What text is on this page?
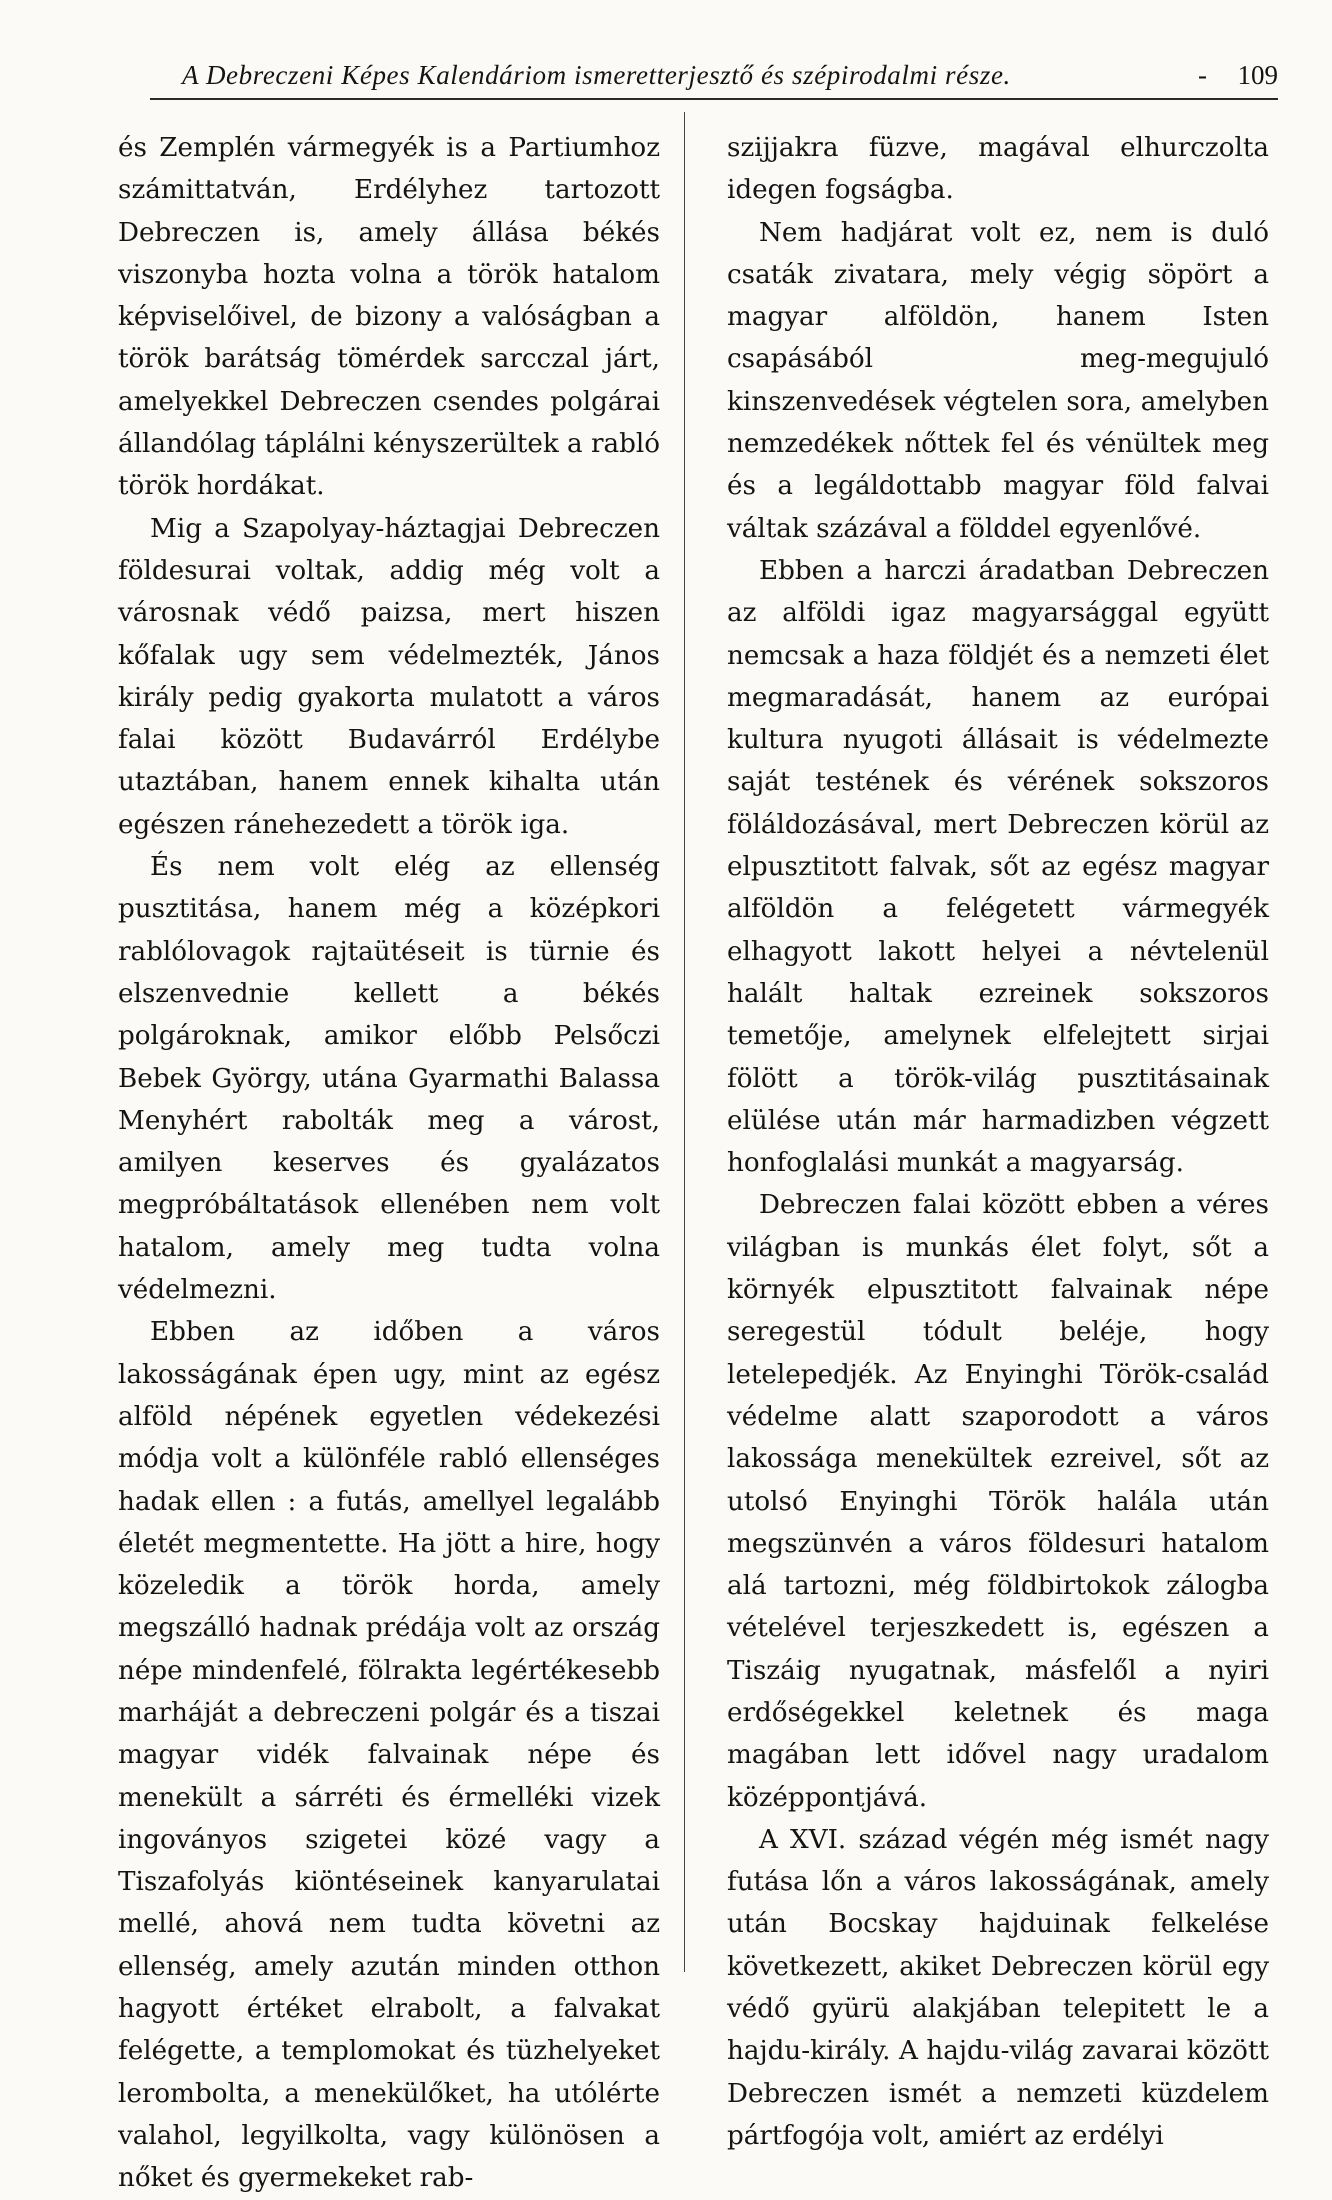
A Debreczeni Képes Kalendáriom ismeretterjesztő és szépirodalmi része.	- 109

és Zemplén vármegyék is a Partiumhoz számittatván, Erdélyhez tartozott Debreczen is, amely állása békés viszonyba hozta volna a török hatalom képviselőivel, de bizony a valóságban a török barátság tömérdek sarcczal járt, amelyekkel Debreczen csendes polgárai állandólag táplálni kényszerültek a rabló török hordákat.

Mig a Szapolyay-háztagjai Debreczen földesurai voltak, addig még volt a városnak védő paizsa, mert hiszen kőfalak ugy sem védelmezték, János király pedig gyakorta mulatott a város falai között Budavárról Erdélybe utaztában, hanem ennek kihalta után egészen ránehezedett a török iga.

És nem volt elég az ellenség pusztitása, hanem még a középkori rablólovagok rajtaütéseit is türnie és elszenvednie kellett a békés polgároknak, amikor előbb Pelsőczi Bebek György, utána Gyarmathi Balassa Menyhért rabolták meg a várost, amilyen keserves és gyalázatos megpróbáltatások ellenében nem volt hatalom, amely meg tudta volna védelmezni.

Ebben az időben a város lakosságának épen ugy, mint az egész alföld népének egyetlen védekezési módja volt a különféle rabló ellenséges hadak ellen : a futás, amellyel legalább életét megmentette. Ha jött a hire, hogy közeledik a török horda, amely megszálló hadnak prédája volt az ország népe mindenfelé, fölrakta legértékesebb marháját a debreczeni polgár és a tiszai magyar vidék falvainak népe és menekült a sárréti és érmelléki vizek ingoványos szigetei közé vagy a Tiszafolyás kiöntéseinek kanyarulatai mellé, ahová nem tudta követni az ellenség, amely azután minden otthon hagyott értéket elrabolt, a falvakat felégette, a templomokat és tüzhelyeket lerombolta, a menekülőket, ha utólérte valahol, legyilkolta, vagy különösen a nőket és gyermekeket rab-

szijjakra füzve, magával elhurczolta idegen fogságba.

Nem hadjárat volt ez, nem is duló csaták zivatara, mely végig söpört a magyar alföldön, hanem Isten csapásából meg-megujuló kinszenvedések végtelen sora, amelyben nemzedékek nőttek fel és vénültek meg és a legáldottabb magyar föld falvai váltak százával a földdel egyenlővé.

Ebben a harczi áradatban Debreczen az alföldi igaz magyarsággal együtt nemcsak a haza földjét és a nemzeti élet megmaradását, hanem az európai kultura nyugoti állásait is védelmezte saját testének és vérének sokszoros föláldozásával, mert Debreczen körül az elpusztitott falvak, sőt az egész magyar alföldön a felégetett vármegyék elhagyott lakott helyei a névtelenül halált haltak ezreinek sokszoros temetője, amelynek elfelejtett sirjai fölött a török-világ pusztitásainak elülése után már harmadizben végzett honfoglalási munkát a magyarság.

Debreczen falai között ebben a véres világban is munkás élet folyt, sőt a környék elpusztitott falvainak népe seregestül tódult beléje, hogy letelepedjék. Az Enyinghi Török-család védelme alatt szaporodott a város lakossága menekültek ezreivel, sőt az utolsó Enyinghi Török halála után megszünvén a város földesuri hatalom alá tartozni, még földbirtokok zálogba vételével terjeszkedett is, egészen a Tiszáig nyugatnak, másfelől a nyiri erdőségekkel keletnek és maga magában lett idővel nagy uradalom középpontjává.

A XVI. század végén még ismét nagy futása lőn a város lakosságának, amely után Bocskay hajduinak felkelése következett, akiket Debreczen körül egy védő gyürü alakjában telepitett le a hajdu-király. A hajdu-világ zavarai között Debreczen ismét a nemzeti küzdelem pártfogója volt, amiért az erdélyi
